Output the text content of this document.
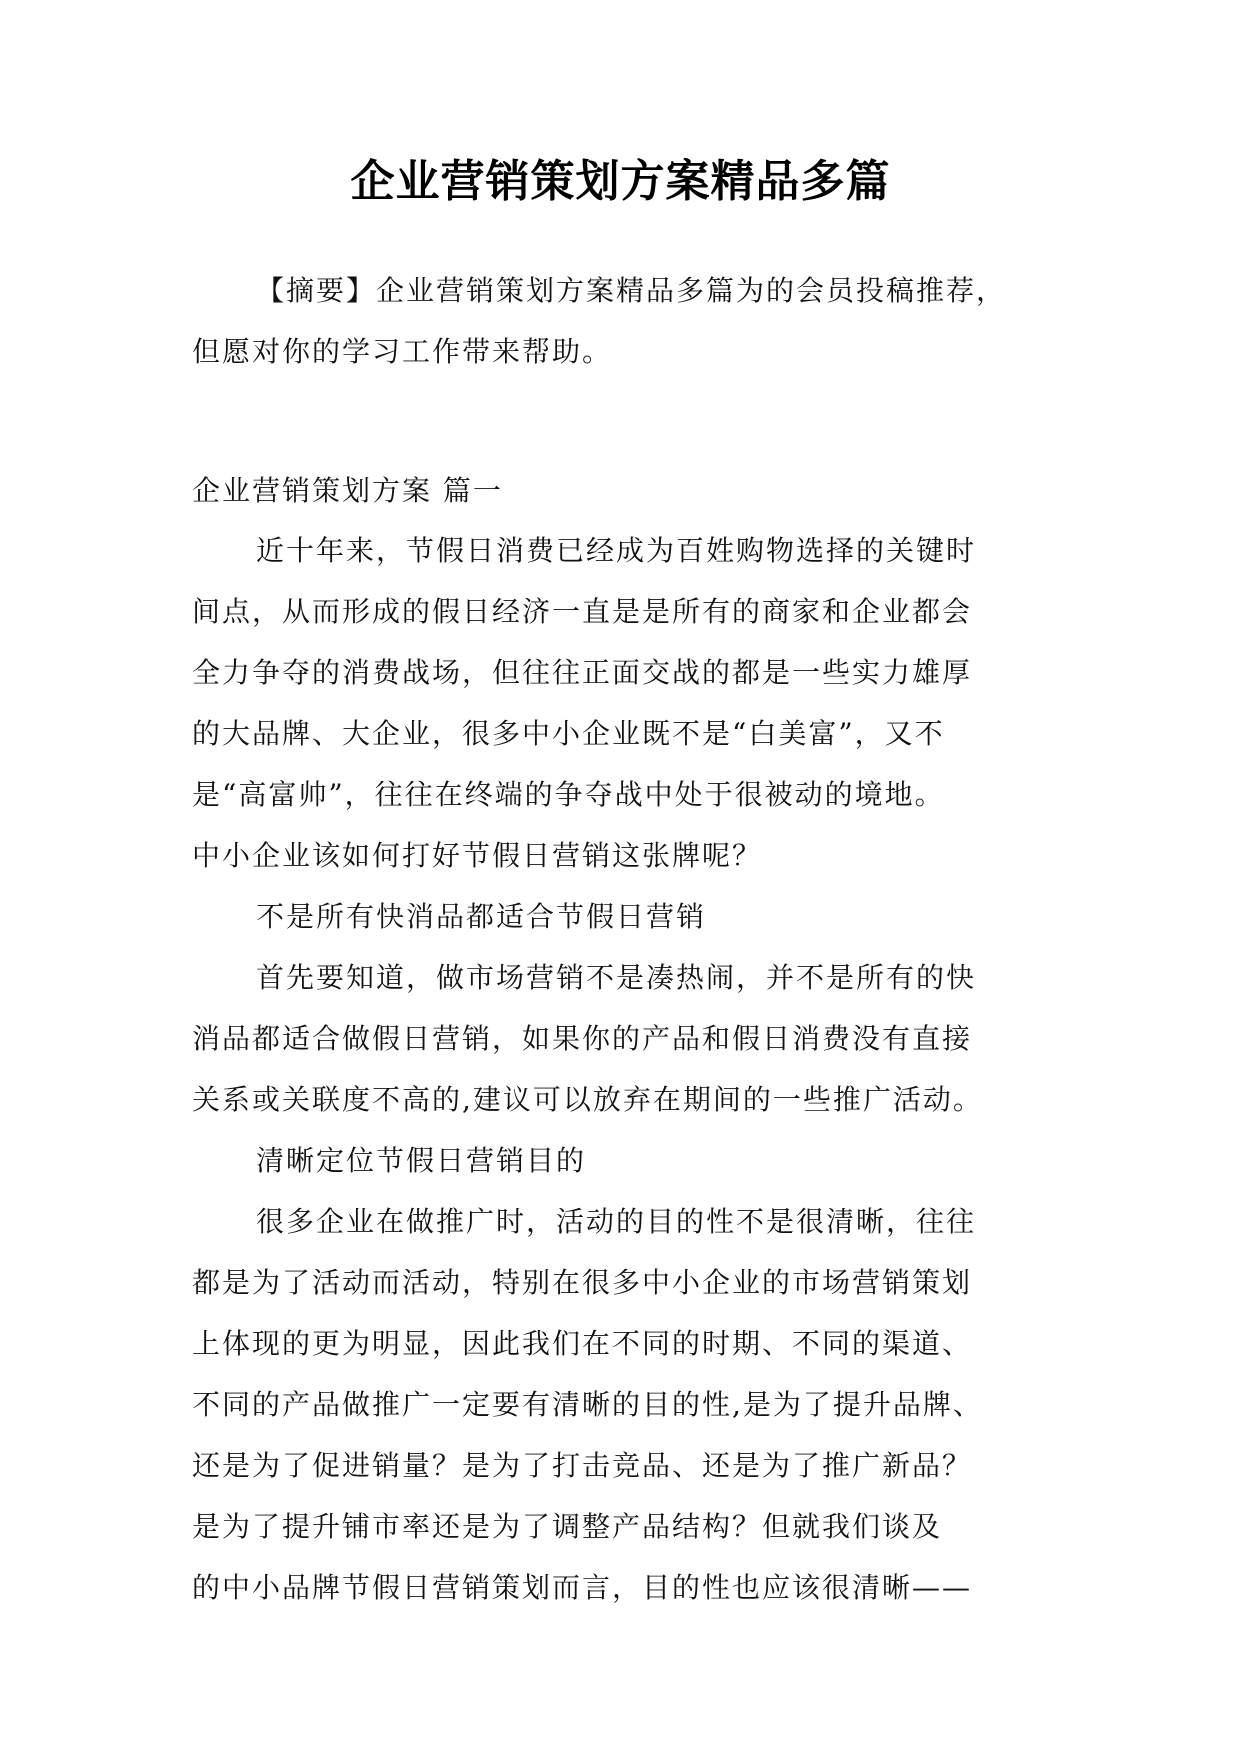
企业营销策划方案精品多篇
【摘要】企业营销策划方案精品多篇为的会员投稿推荐，
但愿对你的学习工作带来帮助。
企业营销策划方案 篇一
近十年来，节假日消费已经成为百姓购物选择的关键时
间点，从而形成的假日经济一直是是所有的商家和企业都会
全力争夺的消费战场，但往往正面交战的都是一些实力雄厚
的大品牌、大企业，很多中小企业既不是“白美富”，又不
是“高富帅”，往往在终端的争夺战中处于很被动的境地。
中小企业该如何打好节假日营销这张牌呢？
不是所有快消品都适合节假日营销
首先要知道，做市场营销不是凑热闹，并不是所有的快
消品都适合做假日营销，如果你的产品和假日消费没有直接
关系或关联度不高的,建议可以放弃在期间的一些推广活动。
清晰定位节假日营销目的
很多企业在做推广时，活动的目的性不是很清晰，往往
都是为了活动而活动，特别在很多中小企业的市场营销策划
上体现的更为明显，因此我们在不同的时期、不同的渠道、
不同的产品做推广一定要有清晰的目的性,是为了提升品牌、
还是为了促进销量？是为了打击竞品、还是为了推广新品？
是为了提升铺市率还是为了调整产品结构？但就我们谈及
的中小品牌节假日营销策划而言，目的性也应该很清晰——
